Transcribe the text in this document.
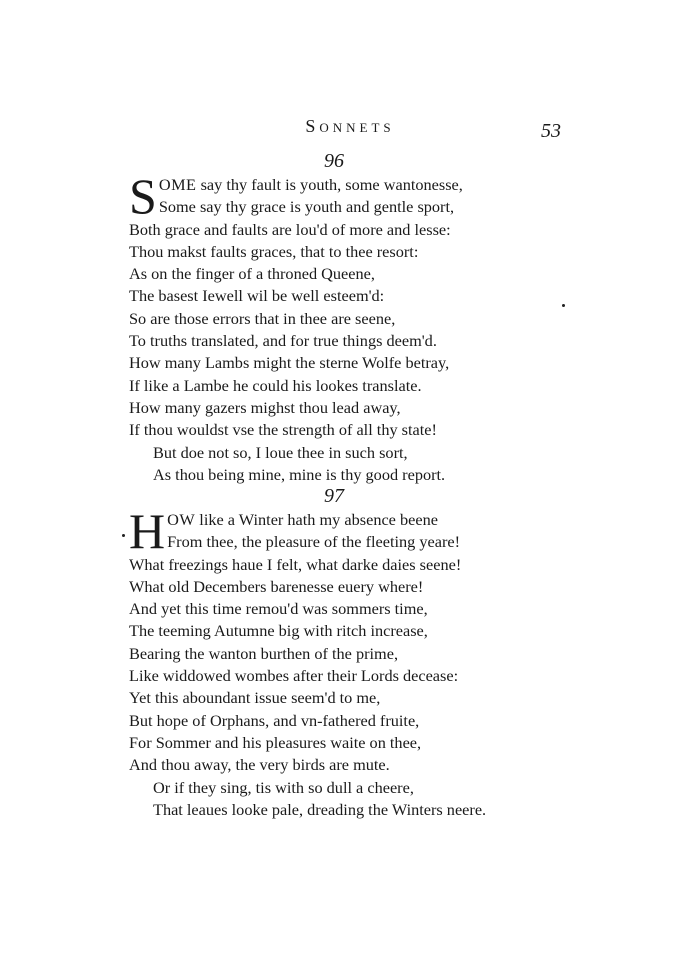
Sonnets	53
96
S OME say thy fault is youth, some wantonesse,
Some say thy grace is youth and gentle sport,
Both grace and faults are lou'd of more and lesse:
Thou makst faults graces, that to thee resort:
As on the finger of a throned Queene,
The basest Iewell wil be well esteem'd:
So are those errors that in thee are seene,
To truths translated, and for true things deem'd.
How many Lambs might the sterne Wolfe betray,
If like a Lambe he could his lookes translate.
How many gazers mighst thou lead away,
If thou wouldst vse the strength of all thy state!
But doe not so, I loue thee in such sort,
As thou being mine, mine is thy good report.
97
H OW like a Winter hath my absence beene
From thee, the pleasure of the fleeting yeare!
What freezings haue I felt, what darke daies seene!
What old Decembers barenesse euery where!
And yet this time remou'd was sommers time,
The teeming Autumne big with ritch increase,
Bearing the wanton burthen of the prime,
Like widdowed wombes after their Lords decease:
Yet this aboundant issue seem'd to me,
But hope of Orphans, and vn-fathered fruite,
For Sommer and his pleasures waite on thee,
And thou away, the very birds are mute.
Or if they sing, tis with so dull a cheere,
That leaues looke pale, dreading the Winters neere.
